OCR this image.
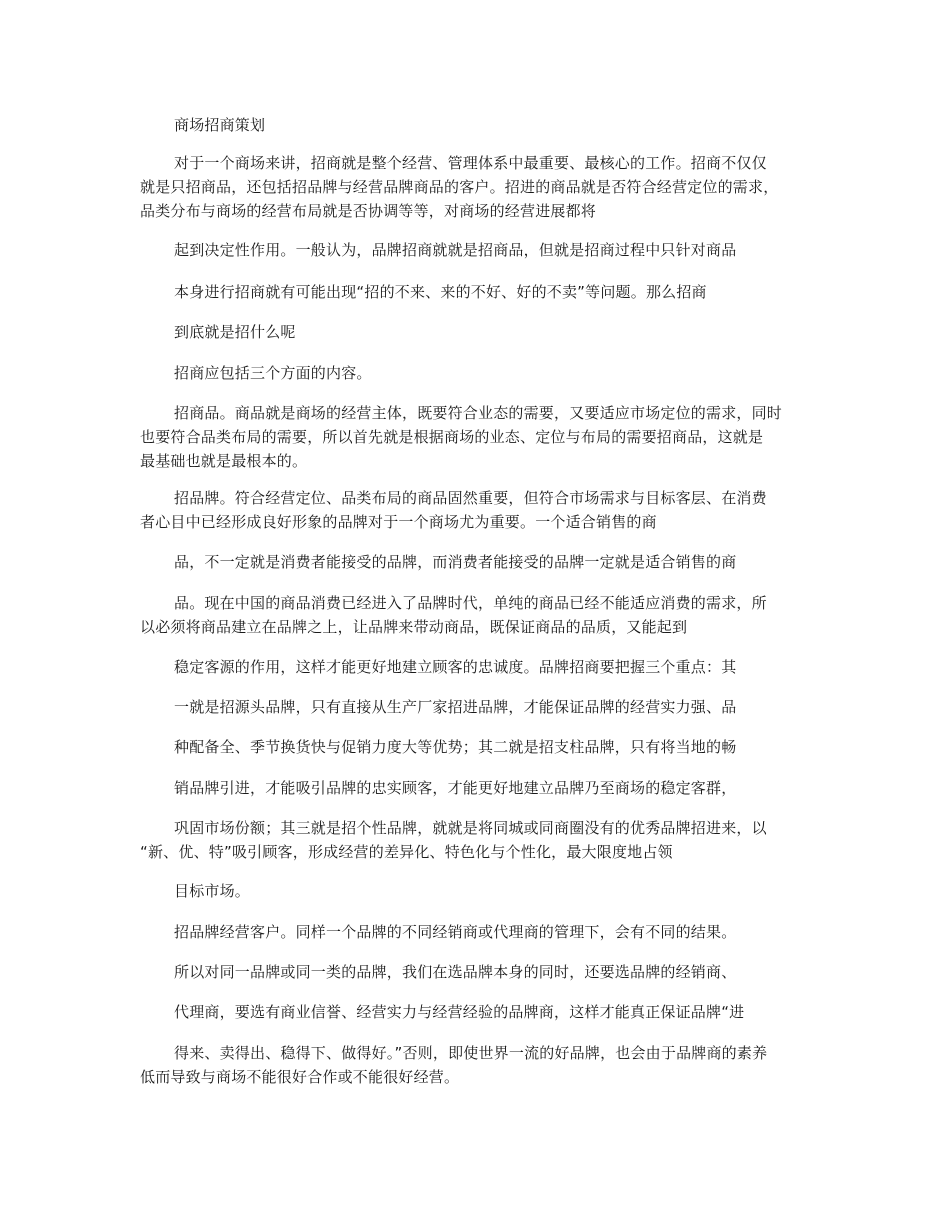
商场招商策划

对于一个商场来讲，招商就是整个经营、管理体系中最重要、最核心的工作。招商不仅仅
就是只招商品，还包括招品牌与经营品牌商品的客户。招进的商品就是否符合经营定位的需求，
品类分布与商场的经营布局就是否协调等等，对商场的经营进展都将

起到决定性作用。一般认为，品牌招商就就是招商品，但就是招商过程中只针对商品

本身进行招商就有可能出现“招的不来、来的不好、好的不卖”等问题。那么招商

到底就是招什么呢

招商应包括三个方面的内容。

招商品。商品就是商场的经营主体，既要符合业态的需要，又要适应市场定位的需求，同时
也要符合品类布局的需要，所以首先就是根据商场的业态、定位与布局的需要招商品，这就是
最基础也就是最根本的。

招品牌。符合经营定位、品类布局的商品固然重要，但符合市场需求与目标客层、在消费
者心目中已经形成良好形象的品牌对于一个商场尤为重要。一个适合销售的商

品，不一定就是消费者能接受的品牌，而消费者能接受的品牌一定就是适合销售的商

品。现在中国的商品消费已经进入了品牌时代，单纯的商品已经不能适应消费的需求，所
以必须将商品建立在品牌之上，让品牌来带动商品，既保证商品的品质，又能起到

稳定客源的作用，这样才能更好地建立顾客的忠诚度。品牌招商要把握三个重点：其

一就是招源头品牌，只有直接从生产厂家招进品牌，才能保证品牌的经营实力强、品

种配备全、季节换货快与促销力度大等优势；其二就是招支柱品牌，只有将当地的畅

销品牌引进，才能吸引品牌的忠实顾客，才能更好地建立品牌乃至商场的稳定客群，

巩固市场份额；其三就是招个性品牌，就就是将同城或同商圈没有的优秀品牌招进来，以
“新、优、特”吸引顾客，形成经营的差异化、特色化与个性化，最大限度地占领

目标市场。

招品牌经营客户。同样一个品牌的不同经销商或代理商的管理下，会有不同的结果。

所以对同一品牌或同一类的品牌，我们在选品牌本身的同时，还要选品牌的经销商、

代理商，要选有商业信誉、经营实力与经营经验的品牌商，这样才能真正保证品牌“进

得来、卖得出、稳得下、做得好。”否则，即使世界一流的好品牌，也会由于品牌商的素养
低而导致与商场不能很好合作或不能很好经营。
